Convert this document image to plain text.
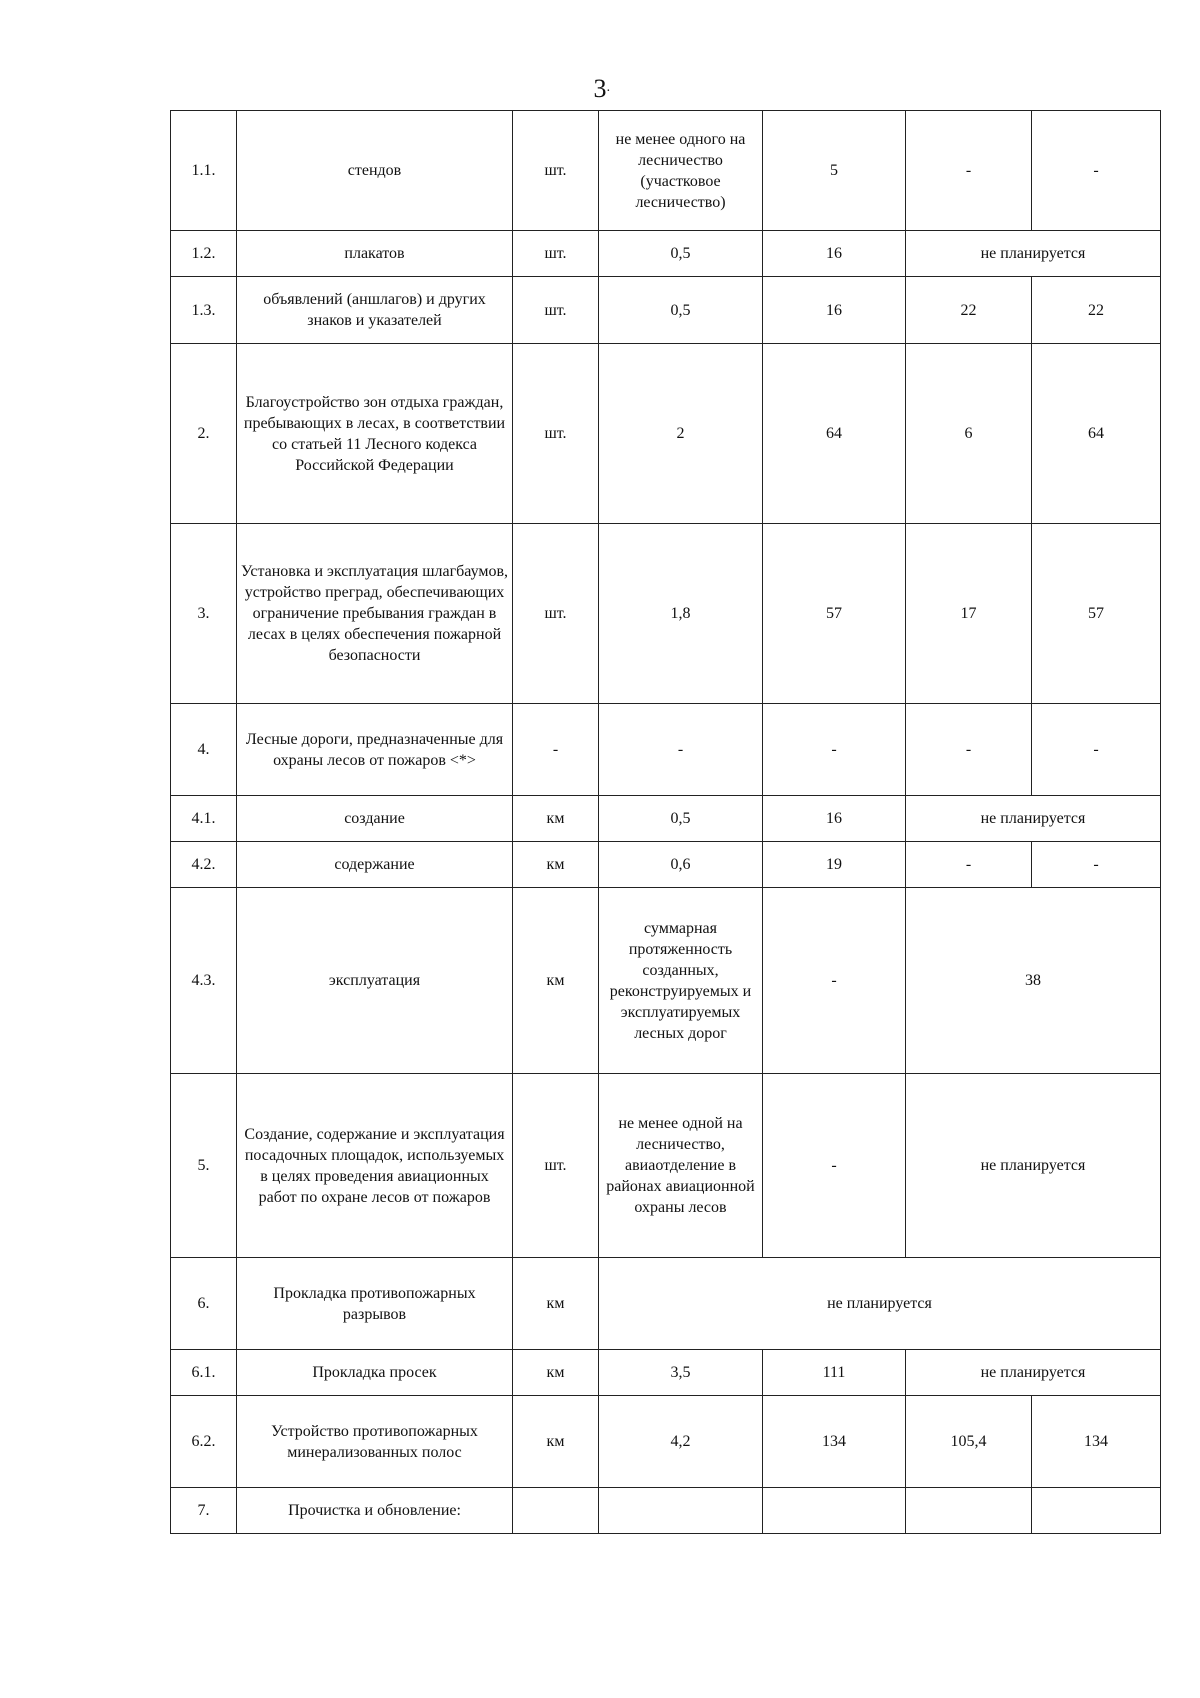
·
3
1.1.	стендов	шт.	не менее одного на лесничество (участковое лесничество)	5	-	-
1.2.	плакатов	шт.	0,5	16	не планируется	
1.3.	объявлений (аншлагов) и других знаков и указателей	шт.	0,5	16	22	22
2.	Благоустройство зон отдыха граждан, пребывающих в лесах, в соответствии со статьей 11 Лесного кодекса Российской Федерации	шт.	2	64	6	64
3.	Установка и эксплуатация шлагбаумов, устройство преград, обеспечивающих ограничение пребывания граждан в лесах в целях обеспечения пожарной безопасности	шт.	1,8	57	17	57
4.	Лесные дороги, предназначенные для охраны лесов от пожаров <*>	-	-	-	-	-
4.1.	создание	км	0,5	16	не планируется	
4.2.	содержание	км	0,6	19	-	-
4.3.	эксплуатация	км	суммарная протяженность созданных, реконструируемых и эксплуатируемых лесных дорог	-	38	
5.	Создание, содержание и эксплуатация посадочных площадок, используемых в целях проведения авиационных работ по охране лесов от пожаров	шт.	не менее одной на лесничество, авиаотделение в районах авиационной охраны лесов	-	не планируется	
6.	Прокладка противопожарных разрывов	км	не планируется			
6.1.	Прокладка просек	км	3,5	111	не планируется	
6.2.	Устройство противопожарных минерализованных полос	км	4,2	134	105,4	134
7.	Прочистка и обновление:					
